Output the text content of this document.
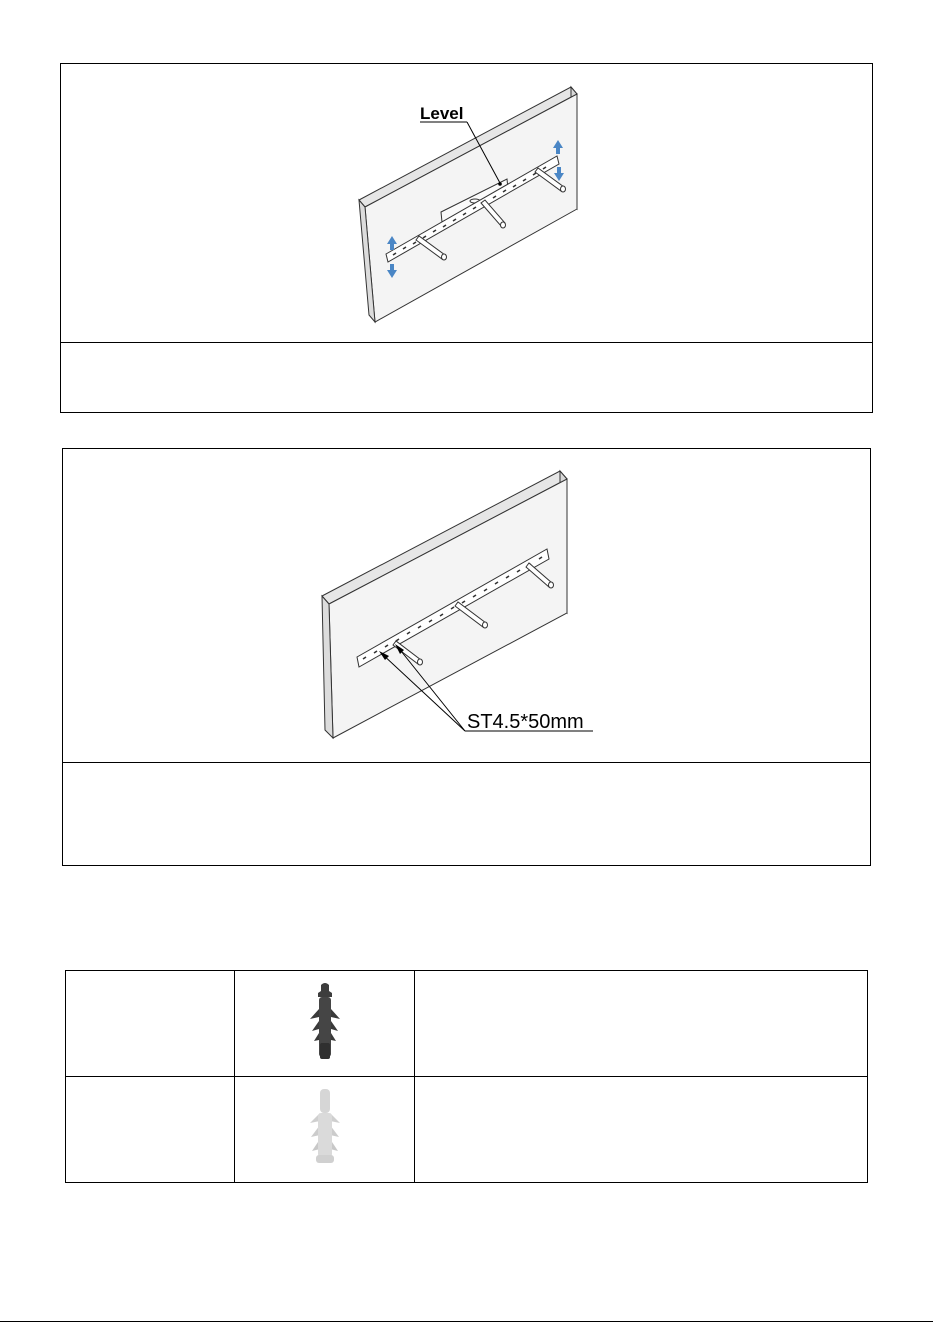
Level
ST4.5*50mm
